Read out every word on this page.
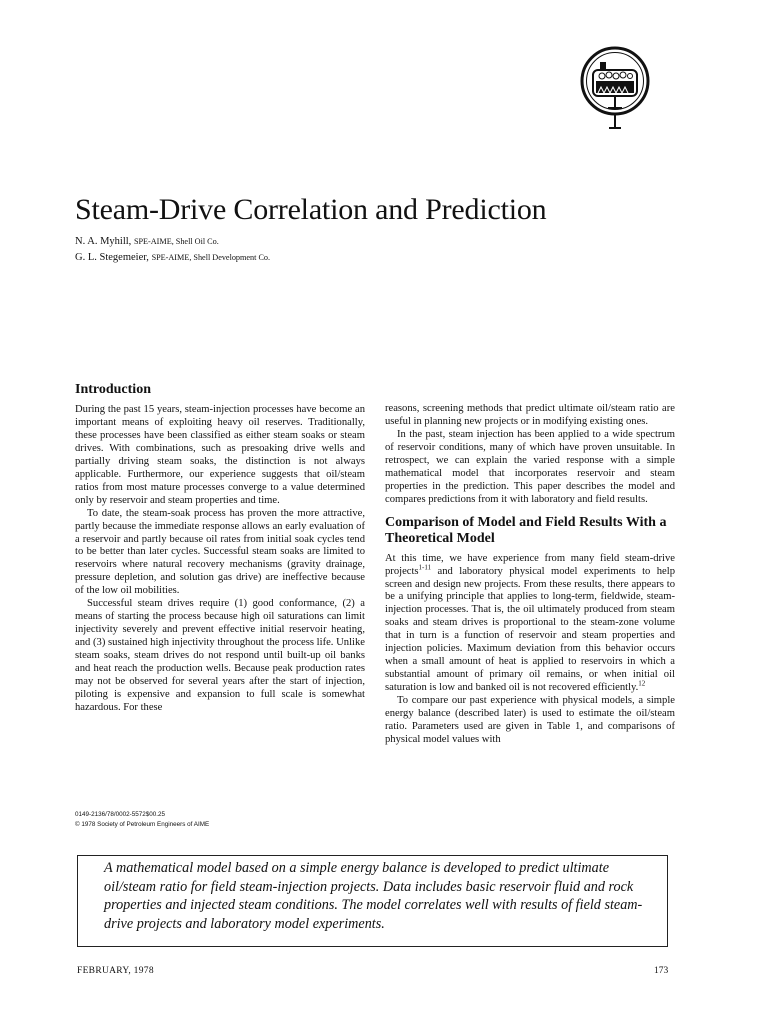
Steam-Drive Correlation and Prediction
N. A. Myhill, SPE-AIME, Shell Oil Co.
G. L. Stegemeier, SPE-AIME, Shell Development Co.
Introduction

During the past 15 years, steam-injection processes have become an important means of exploiting heavy oil reserves. Traditionally, these processes have been classified as either steam soaks or steam drives. With combinations, such as presoaking drive wells and partially driving steam soaks, the distinction is not always applicable. Furthermore, our experience suggests that oil/steam ratios from most mature processes converge to a value determined only by reservoir and steam properties and time.

To date, the steam-soak process has proven the more attractive, partly because the immediate response allows an early evaluation of a reservoir and partly because oil rates from initial soak cycles tend to be better than later cycles. Successful steam soaks are limited to reservoirs where natural recovery mechanisms (gravity drainage, pressure depletion, and solution gas drive) are ineffective because of the low oil mobilities.

Successful steam drives require (1) good conformance, (2) a means of starting the process because high oil saturations can limit injectivity severely and prevent effective initial reservoir heating, and (3) sustained high injectivity throughout the process life. Unlike steam soaks, steam drives do not respond until built-up oil banks and heat reach the production wells. Because peak production rates may not be observed for several years after the start of injection, piloting is expensive and expansion to full scale is somewhat hazardous. For these

0149-2136/78/0002-5572$00.25
© 1978 Society of Petroleum Engineers of AIME

reasons, screening methods that predict ultimate oil/steam ratio are useful in planning new projects or in modifying existing ones.

In the past, steam injection has been applied to a wide spectrum of reservoir conditions, many of which have proven unsuitable. In retrospect, we can explain the varied response with a simple mathematical model that incorporates reservoir and steam properties in the prediction. This paper describes the model and compares predictions from it with laboratory and field results.

Comparison of Model and Field Results With a Theoretical Model

At this time, we have experience from many field steam-drive projects$^{1-11}$ and laboratory physical model experiments to help screen and design new projects. From these results, there appears to be a unifying principle that applies to long-term, fieldwide, steam-injection processes. That is, the oil ultimately produced from steam soaks and steam drives is proportional to the steam-zone volume that in turn is a function of reservoir and steam properties and injection policies. Maximum deviation from this behavior occurs when a small amount of heat is applied to reservoirs in which a substantial amount of primary oil remains, or when initial oil saturation is low and banked oil is not recovered efficiently.$^{12}$

To compare our past experience with physical models, a simple energy balance (described later) is used to estimate the oil/steam ratio. Parameters used are given in Table 1, and comparisons of physical model values with

A mathematical model based on a simple energy balance is developed to predict ultimate oil/steam ratio for field steam-injection projects. Data includes basic reservoir fluid and rock properties and injected steam conditions. The model correlates well with results of field steam-drive projects and laboratory model experiments.

FEBRUARY, 1978	173
